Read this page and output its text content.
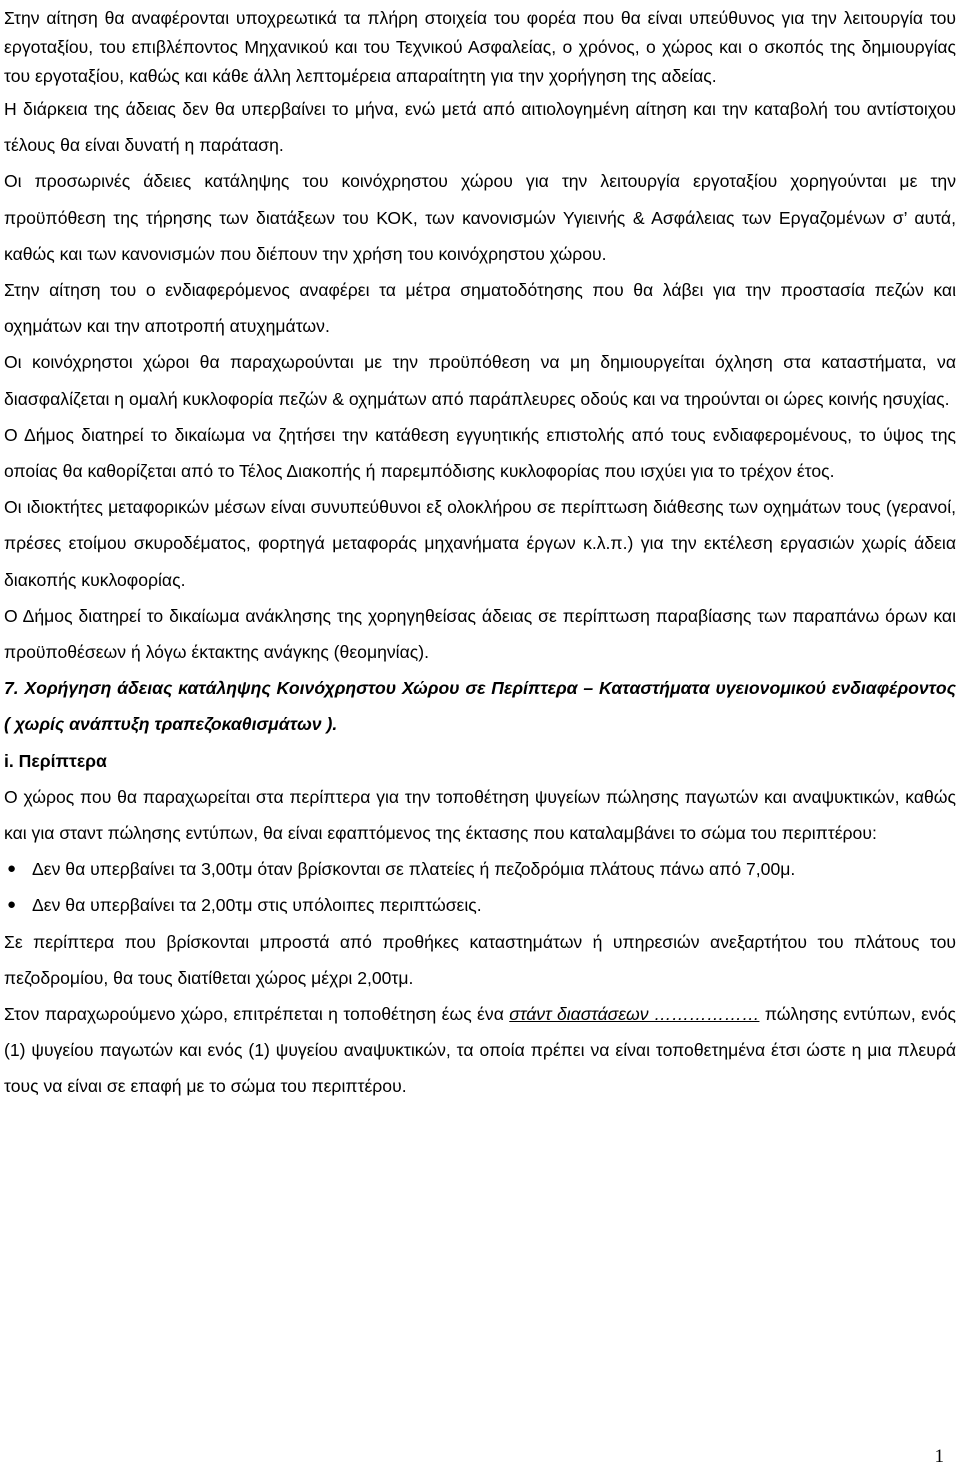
Στην αίτηση θα αναφέρονται υποχρεωτικά τα πλήρη στοιχεία του φορέα που θα είναι υπεύθυνος για την λειτουργία του εργοταξίου, του επιβλέποντος Μηχανικού και του Τεχνικού Ασφαλείας, ο χρόνος, ο χώρος και ο σκοπός της δημιουργίας του εργοταξίου, καθώς και κάθε άλλη λεπτομέρεια απαραίτητη για την χορήγηση της αδείας.

Η διάρκεια της άδειας δεν θα υπερβαίνει το μήνα, ενώ μετά από αιτιολογημένη αίτηση και την καταβολή του αντίστοιχου τέλους θα είναι δυνατή η παράταση.

Οι προσωρινές άδειες κατάληψης του κοινόχρηστου χώρου για την λειτουργία εργοταξίου χορηγούνται με την προϋπόθεση της τήρησης των διατάξεων του ΚΟΚ, των κανονισμών Υγιεινής & Ασφάλειας των Εργαζομένων σ’ αυτά, καθώς και των κανονισμών που διέπουν την χρήση του κοινόχρηστου χώρου.

Στην αίτηση του ο ενδιαφερόμενος αναφέρει τα μέτρα σηματοδότησης που θα λάβει για την προστασία πεζών και οχημάτων και την αποτροπή ατυχημάτων.

Οι κοινόχρηστοι χώροι θα παραχωρούνται με την προϋπόθεση να μη δημιουργείται όχληση στα καταστήματα, να διασφαλίζεται η ομαλή κυκλοφορία πεζών & οχημάτων από παράπλευρες οδούς και να τηρούνται οι ώρες κοινής ησυχίας.

Ο Δήμος διατηρεί το δικαίωμα να ζητήσει την κατάθεση εγγυητικής επιστολής από τους ενδιαφερομένους, το ύψος της οποίας θα καθορίζεται από το Τέλος Διακοπής ή παρεμπόδισης κυκλοφορίας που ισχύει για το τρέχον έτος.

Οι ιδιοκτήτες μεταφορικών μέσων είναι συνυπεύθυνοι εξ ολοκλήρου σε περίπτωση διάθεσης των οχημάτων τους (γερανοί, πρέσες ετοίμου σκυροδέματος, φορτηγά μεταφοράς μηχανήματα έργων κ.λ.π.) για την εκτέλεση εργασιών χωρίς άδεια διακοπής κυκλοφορίας.

Ο Δήμος διατηρεί το δικαίωμα ανάκλησης της χορηγηθείσας άδειας σε περίπτωση παραβίασης των παραπάνω όρων και προϋποθέσεων ή λόγω έκτακτης ανάγκης (θεομηνίας).

7. Χορήγηση άδειας κατάληψης Κοινόχρηστου Χώρου σε Περίπτερα – Καταστήματα υγειονομικού ενδιαφέροντος ( χωρίς ανάπτυξη τραπεζοκαθισμάτων ).

i. Περίπτερα

Ο χώρος που θα παραχωρείται στα περίπτερα για την τοποθέτηση ψυγείων πώλησης παγωτών και αναψυκτικών, καθώς και για σταντ πώλησης εντύπων, θα είναι εφαπτόμενος της έκτασης που καταλαμβάνει το σώμα του περιπτέρου:

● Δεν θα υπερβαίνει τα 3,00τμ όταν βρίσκονται σε πλατείες ή πεζοδρόμια πλάτους πάνω από 7,00μ.
● Δεν θα υπερβαίνει τα 2,00τμ στις υπόλοιπες περιπτώσεις.

Σε περίπτερα που βρίσκονται μπροστά από προθήκες καταστημάτων ή υπηρεσιών ανεξαρτήτου του πλάτους του πεζοδρομίου, θα τους διατίθεται χώρος μέχρι 2,00τμ.

Στον παραχωρούμενο χώρο, επιτρέπεται η τοποθέτηση έως ένα στάντ διαστάσεων ……………… πώλησης εντύπων, ενός (1) ψυγείου παγωτών και ενός (1) ψυγείου αναψυκτικών, τα οποία πρέπει να είναι τοποθετημένα έτσι ώστε η μια πλευρά τους να είναι σε επαφή με το σώμα του περιπτέρου.

1
